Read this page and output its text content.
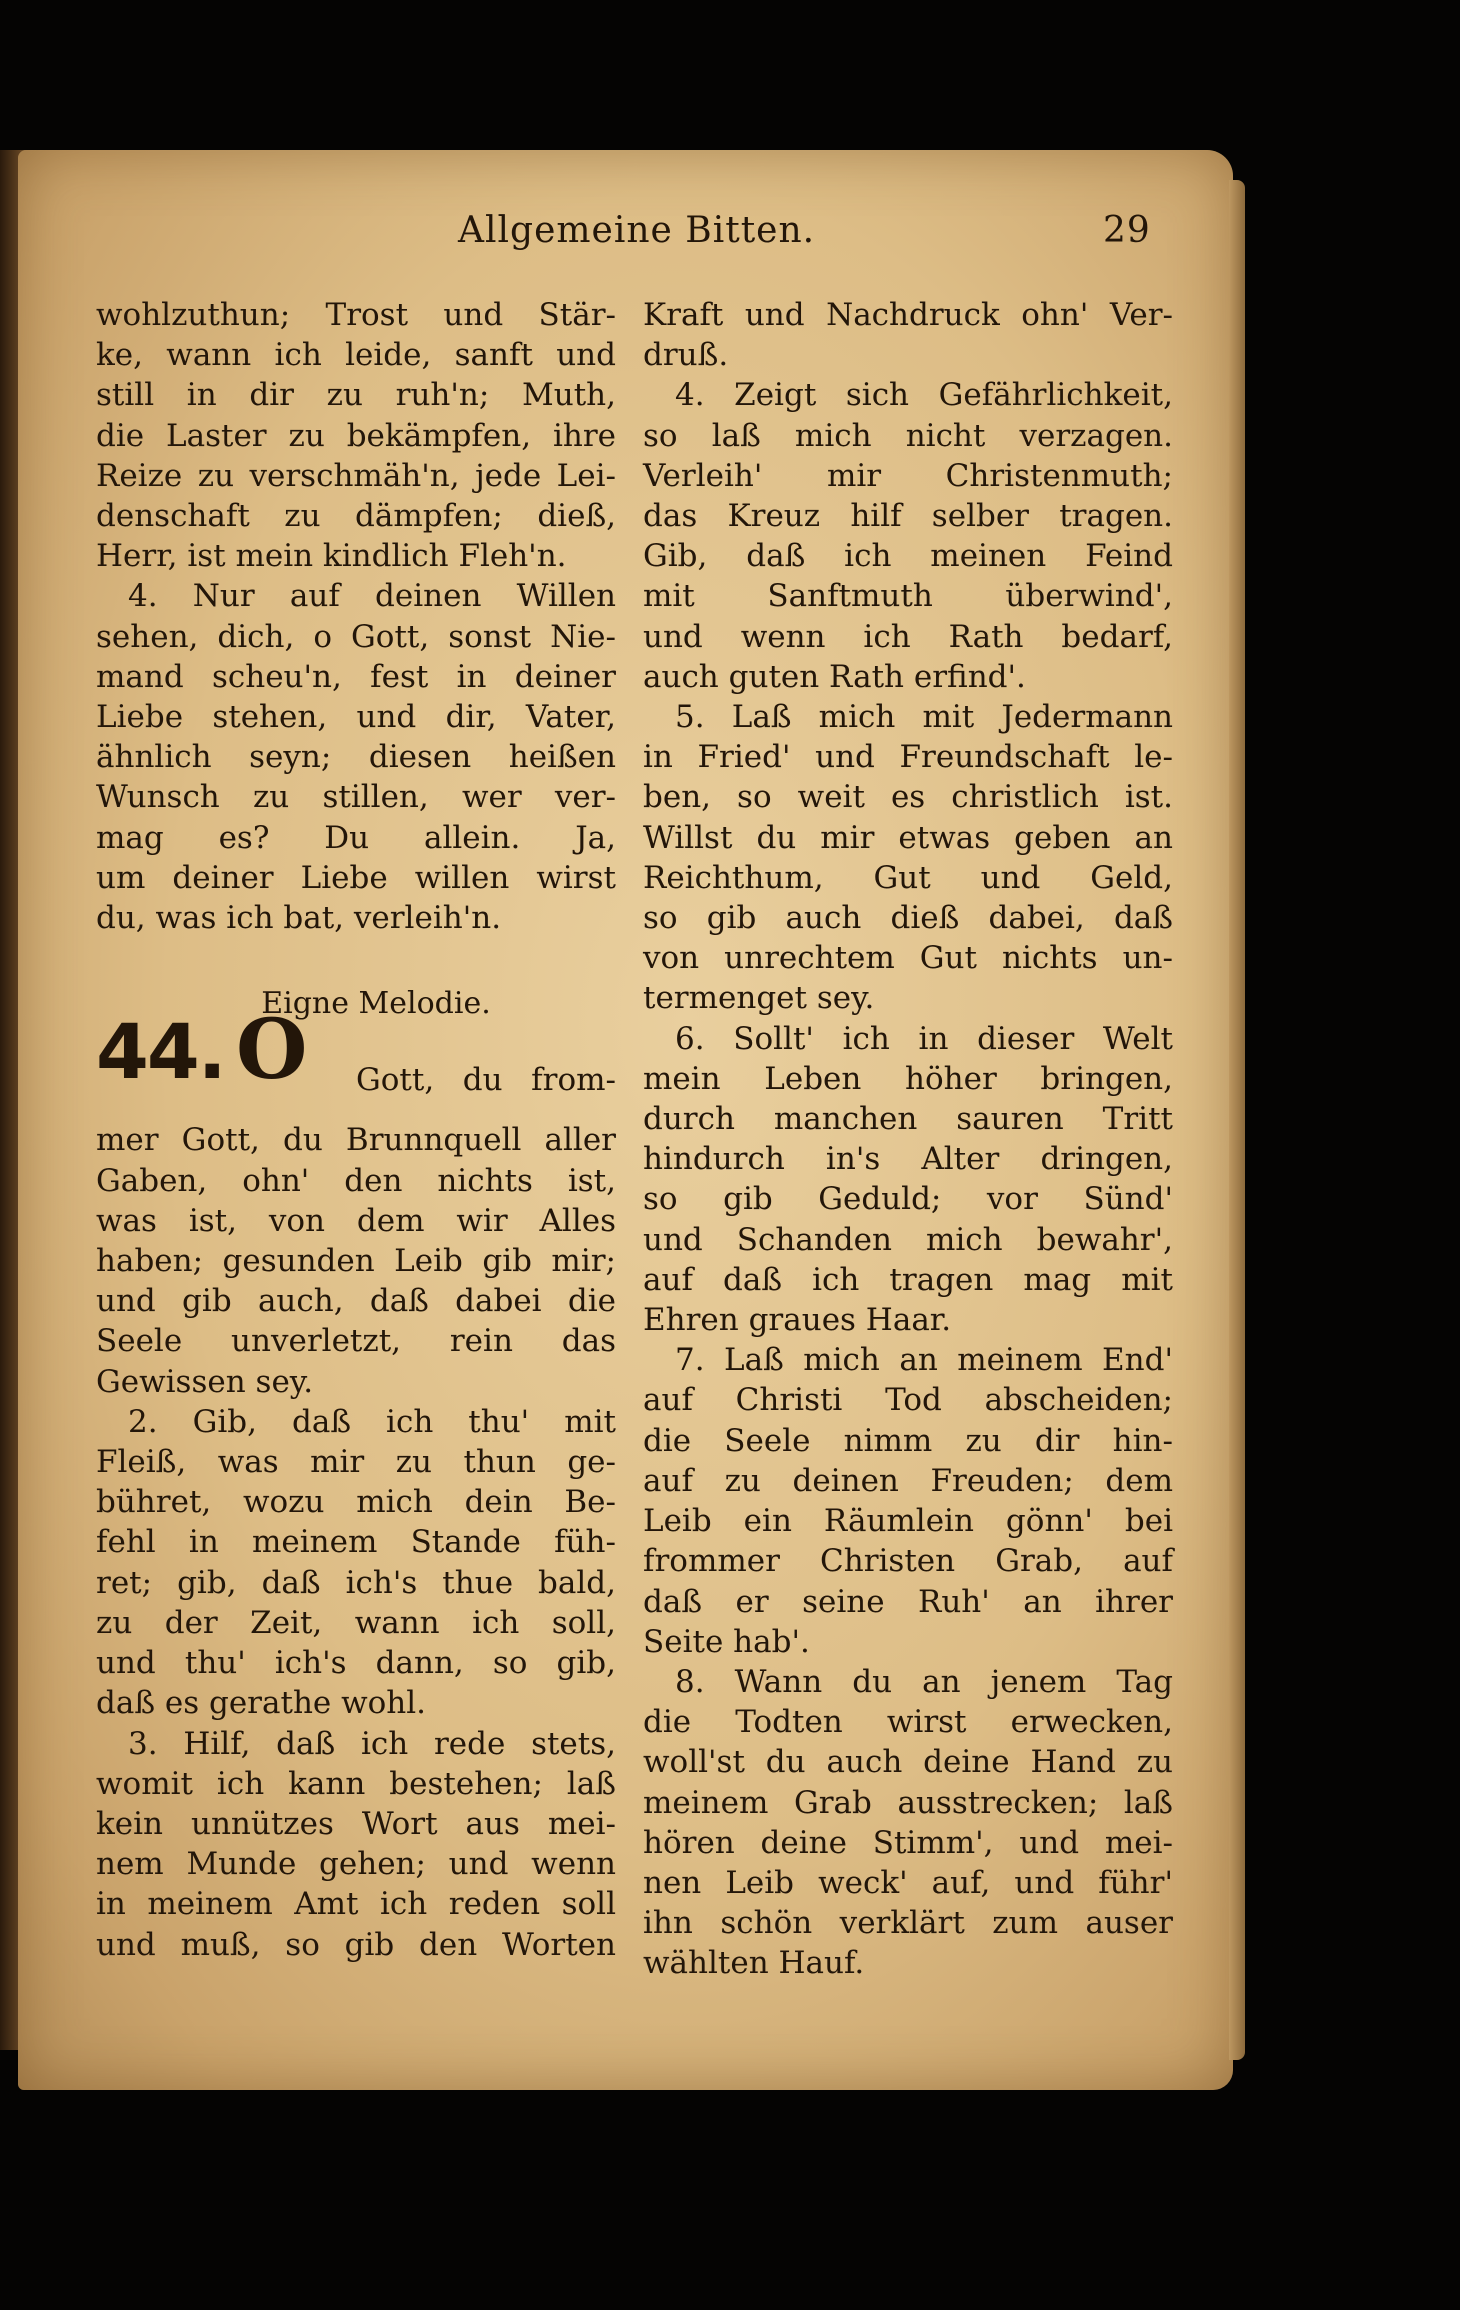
Allgemeine Bitten.	29
wohlzuthun; Trost und Stär-
ke, wann ich leide, sanft und
still in dir zu ruh'n; Muth,
die Laster zu bekämpfen, ihre
Reize zu verschmäh'n, jede Lei-
denschaft zu dämpfen; dieß,
Herr, ist mein kindlich Fleh'n.
4. Nur auf deinen Willen
sehen, dich, o Gott, sonst Nie-
mand scheu'n, fest in deiner
Liebe stehen, und dir, Vater,
ähnlich seyn; diesen heißen
Wunsch zu stillen, wer ver-
mag es? Du allein. Ja,
um deiner Liebe willen wirst
du, was ich bat, verleih'n.
Eigne Melodie.
44. O Gott, du from-
mer Gott, du Brunnquell aller
Gaben, ohn' den nichts ist,
was ist, von dem wir Alles
haben; gesunden Leib gib mir;
und gib auch, daß dabei die
Seele unverletzt, rein das
Gewissen sey.
2. Gib, daß ich thu' mit
Fleiß, was mir zu thun ge-
bühret, wozu mich dein Be-
fehl in meinem Stande füh-
ret; gib, daß ich's thue bald,
zu der Zeit, wann ich soll,
und thu' ich's dann, so gib,
daß es gerathe wohl.
3. Hilf, daß ich rede stets,
womit ich kann bestehen; laß
kein unnützes Wort aus mei-
nem Munde gehen; und wenn
in meinem Amt ich reden soll
und muß, so gib den Worten
Kraft und Nachdruck ohn' Ver-
druß.
4. Zeigt sich Gefährlichkeit,
so laß mich nicht verzagen.
Verleih' mir Christenmuth;
das Kreuz hilf selber tragen.
Gib, daß ich meinen Feind
mit Sanftmuth überwind',
und wenn ich Rath bedarf,
auch guten Rath erfind'.
5. Laß mich mit Jedermann
in Fried' und Freundschaft le-
ben, so weit es christlich ist.
Willst du mir etwas geben an
Reichthum, Gut und Geld,
so gib auch dieß dabei, daß
von unrechtem Gut nichts un-
termenget sey.
6. Sollt' ich in dieser Welt
mein Leben höher bringen,
durch manchen sauren Tritt
hindurch in's Alter dringen,
so gib Geduld; vor Sünd'
und Schanden mich bewahr',
auf daß ich tragen mag mit
Ehren graues Haar.
7. Laß mich an meinem End'
auf Christi Tod abscheiden;
die Seele nimm zu dir hin-
auf zu deinen Freuden; dem
Leib ein Räumlein gönn' bei
frommer Christen Grab, auf
daß er seine Ruh' an ihrer
Seite hab'.
8. Wann du an jenem Tag
die Todten wirst erwecken,
woll'st du auch deine Hand zu
meinem Grab ausstrecken; laß
hören deine Stimm', und mei-
nen Leib weck' auf, und führ'
ihn schön verklärt zum auser
wählten Hauf.
